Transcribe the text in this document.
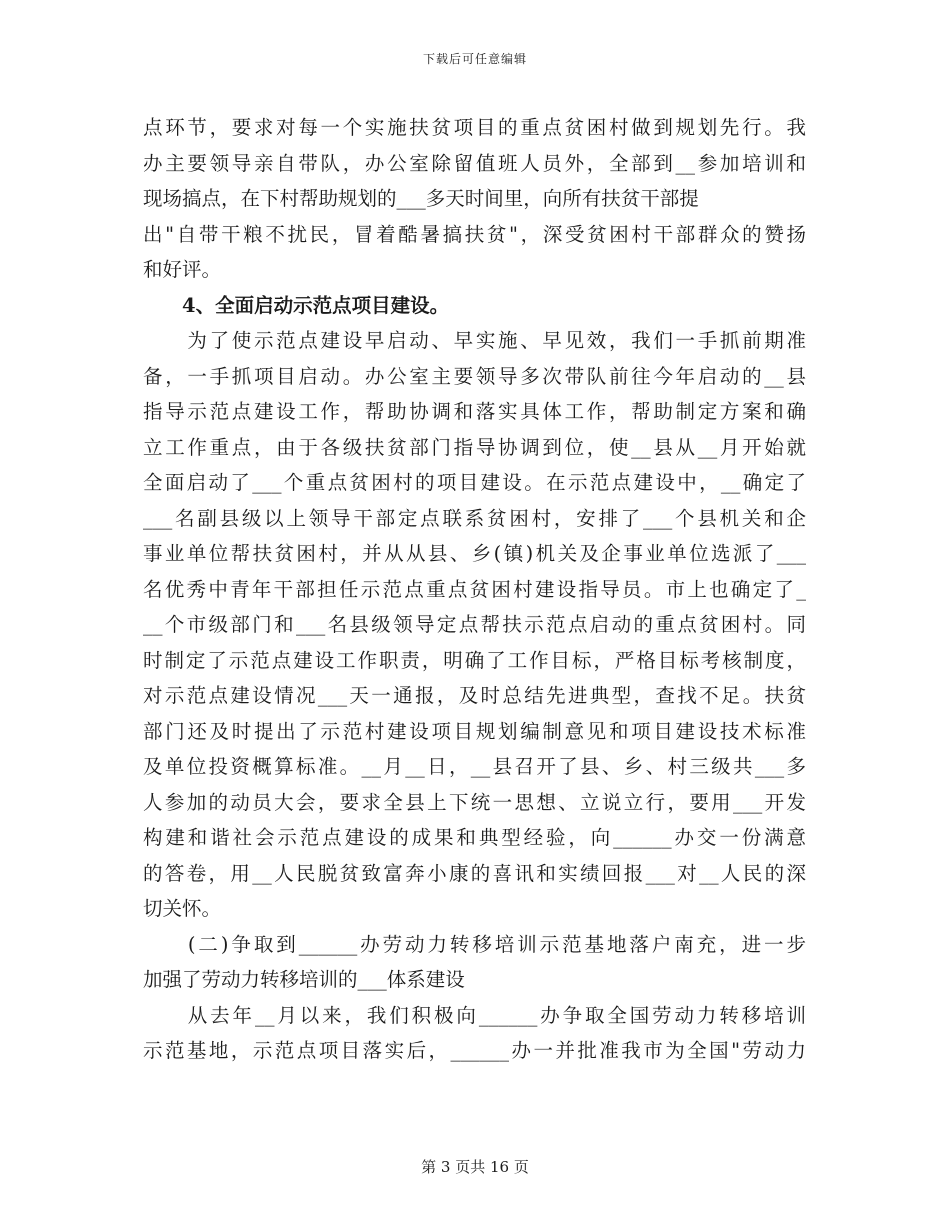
下载后可任意编辑
点环节，要求对每一个实施扶贫项目的重点贫困村做到规划先行。我
办主要领导亲自带队，办公室除留值班人员外，全部到__参加培训和
现场搞点，在下村帮助规划的___多天时间里，向所有扶贫干部提
出"自带干粮不扰民，冒着酷暑搞扶贫"，深受贫困村干部群众的赞扬
和好评。
　　4、全面启动示范点项目建设。
　　为了使示范点建设早启动、早实施、早见效，我们一手抓前期准
备，一手抓项目启动。办公室主要领导多次带队前往今年启动的__县
指导示范点建设工作，帮助协调和落实具体工作，帮助制定方案和确
立工作重点，由于各级扶贫部门指导协调到位，使__县从__月开始就
全面启动了___个重点贫困村的项目建设。在示范点建设中，__确定了
___名副县级以上领导干部定点联系贫困村，安排了___个县机关和企
事业单位帮扶贫困村，并从从县、乡(镇)机关及企事业单位选派了___
名优秀中青年干部担任示范点重点贫困村建设指导员。市上也确定了_
__个市级部门和___名县级领导定点帮扶示范点启动的重点贫困村。同
时制定了示范点建设工作职责，明确了工作目标，严格目标考核制度，
对示范点建设情况___天一通报，及时总结先进典型，查找不足。扶贫
部门还及时提出了示范村建设项目规划编制意见和项目建设技术标准
及单位投资概算标准。__月__日，__县召开了县、乡、村三级共___多
人参加的动员大会，要求全县上下统一思想、立说立行，要用___开发
构建和谐社会示范点建设的成果和典型经验，向______办交一份满意
的答卷，用__人民脱贫致富奔小康的喜讯和实绩回报___对__人民的深
切关怀。
　　(二)争取到______办劳动力转移培训示范基地落户南充，进一步
加强了劳动力转移培训的___体系建设
　　从去年__月以来，我们积极向______办争取全国劳动力转移培训
示范基地，示范点项目落实后，______办一并批准我市为全国"劳动力
第 3 页共 16 页
